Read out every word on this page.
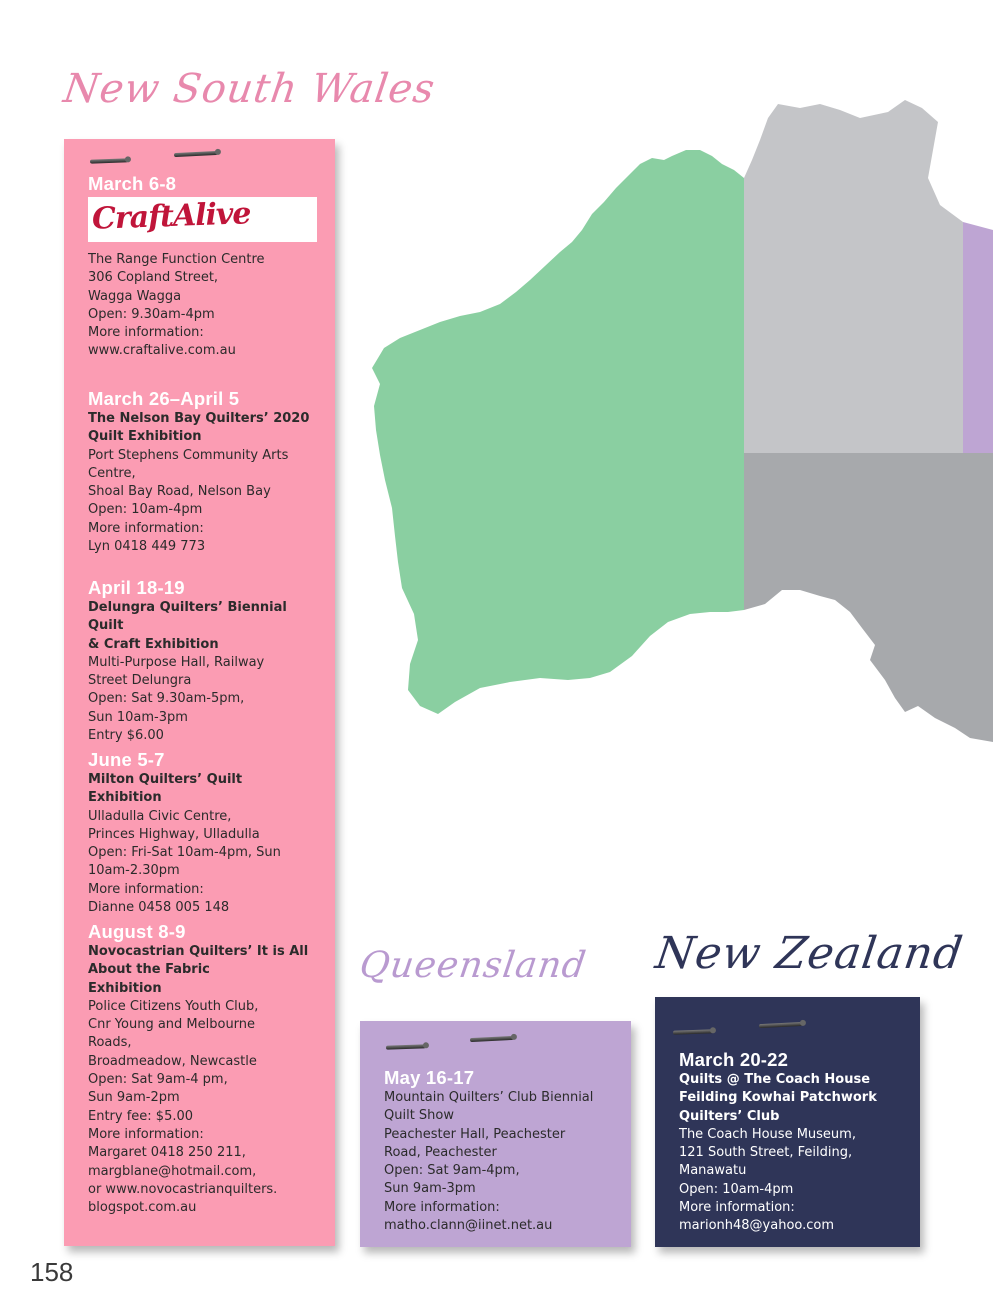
New South Wales
Queensland New Zealand
March 6-8
The Range Function Centre
306 Copland Street,
Wagga Wagga
Open: 9.30am-4pm
More information:
www.craftalive.com.au
March 26–April 5
The Nelson Bay Quilters’ 2020
Quilt Exhibition
Port Stephens Community Arts
Centre,
Shoal Bay Road, Nelson Bay
Open: 10am-4pm
More information:
Lyn 0418 449 773
April 18-19
Delungra Quilters’ Biennial Quilt
& Craft Exhibition
Multi-Purpose Hall, Railway
Street Delungra
Open: Sat 9.30am-5pm,
Sun 10am-3pm
Entry $6.00
June 5-7
Milton Quilters’ Quilt Exhibition
Ulladulla Civic Centre,
Princes Highway, Ulladulla
Open: Fri-Sat 10am-4pm, Sun
10am-2.30pm
More information:
Dianne 0458 005 148
August 8-9
Novocastrian Quilters’ It is All
About the Fabric
Exhibition
Police Citizens Youth Club,
Cnr Young and Melbourne
Roads,
Broadmeadow, Newcastle
Open: Sat 9am-4 pm,
Sun 9am-2pm
Entry fee: $5.00
More information:
Margaret 0418 250 211,
margblane@hotmail.com,
or www.novocastrianquilters.
blogspot.com.au
CraftAlive
May 16-17
Mountain Quilters’ Club Biennial
Quilt Show
Peachester Hall, Peachester
Road, Peachester
Open: Sat 9am-4pm,
Sun 9am-3pm
More information:
matho.clann@iinet.net.au
March 20-22
Quilts @ The Coach House
Feilding Kowhai Patchwork
Quilters’ Club
The Coach House Museum,
121 South Street, Feilding,
Manawatu
Open: 10am-4pm
More information:
marionh48@yahoo.com
158
